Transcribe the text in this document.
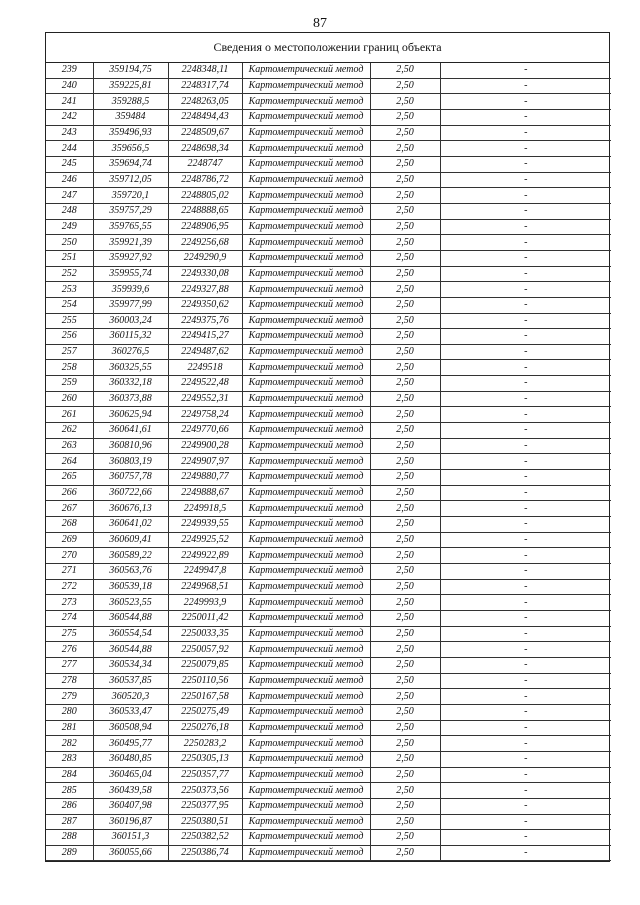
87
Сведения о местоположении границ объекта
239	359194,75	2248348,11	Картометрический метод	2,50	-
240	359225,81	2248317,74	Картометрический метод	2,50	-
241	359288,5	2248263,05	Картометрический метод	2,50	-
242	359484	2248494,43	Картометрический метод	2,50	-
243	359496,93	2248509,67	Картометрический метод	2,50	-
244	359656,5	2248698,34	Картометрический метод	2,50	-
245	359694,74	2248747	Картометрический метод	2,50	-
246	359712,05	2248786,72	Картометрический метод	2,50	-
247	359720,1	2248805,02	Картометрический метод	2,50	-
248	359757,29	2248888,65	Картометрический метод	2,50	-
249	359765,55	2248906,95	Картометрический метод	2,50	-
250	359921,39	2249256,68	Картометрический метод	2,50	-
251	359927,92	2249290,9	Картометрический метод	2,50	-
252	359955,74	2249330,08	Картометрический метод	2,50	-
253	359939,6	2249327,88	Картометрический метод	2,50	-
254	359977,99	2249350,62	Картометрический метод	2,50	-
255	360003,24	2249375,76	Картометрический метод	2,50	-
256	360115,32	2249415,27	Картометрический метод	2,50	-
257	360276,5	2249487,62	Картометрический метод	2,50	-
258	360325,55	2249518	Картометрический метод	2,50	-
259	360332,18	2249522,48	Картометрический метод	2,50	-
260	360373,88	2249552,31	Картометрический метод	2,50	-
261	360625,94	2249758,24	Картометрический метод	2,50	-
262	360641,61	2249770,66	Картометрический метод	2,50	-
263	360810,96	2249900,28	Картометрический метод	2,50	-
264	360803,19	2249907,97	Картометрический метод	2,50	-
265	360757,78	2249880,77	Картометрический метод	2,50	-
266	360722,66	2249888,67	Картометрический метод	2,50	-
267	360676,13	2249918,5	Картометрический метод	2,50	-
268	360641,02	2249939,55	Картометрический метод	2,50	-
269	360609,41	2249925,52	Картометрический метод	2,50	-
270	360589,22	2249922,89	Картометрический метод	2,50	-
271	360563,76	2249947,8	Картометрический метод	2,50	-
272	360539,18	2249968,51	Картометрический метод	2,50	-
273	360523,55	2249993,9	Картометрический метод	2,50	-
274	360544,88	2250011,42	Картометрический метод	2,50	-
275	360554,54	2250033,35	Картометрический метод	2,50	-
276	360544,88	2250057,92	Картометрический метод	2,50	-
277	360534,34	2250079,85	Картометрический метод	2,50	-
278	360537,85	2250110,56	Картометрический метод	2,50	-
279	360520,3	2250167,58	Картометрический метод	2,50	-
280	360533,47	2250275,49	Картометрический метод	2,50	-
281	360508,94	2250276,18	Картометрический метод	2,50	-
282	360495,77	2250283,2	Картометрический метод	2,50	-
283	360480,85	2250305,13	Картометрический метод	2,50	-
284	360465,04	2250357,77	Картометрический метод	2,50	-
285	360439,58	2250373,56	Картометрический метод	2,50	-
286	360407,98	2250377,95	Картометрический метод	2,50	-
287	360196,87	2250380,51	Картометрический метод	2,50	-
288	360151,3	2250382,52	Картометрический метод	2,50	-
289	360055,66	2250386,74	Картометрический метод	2,50	-
